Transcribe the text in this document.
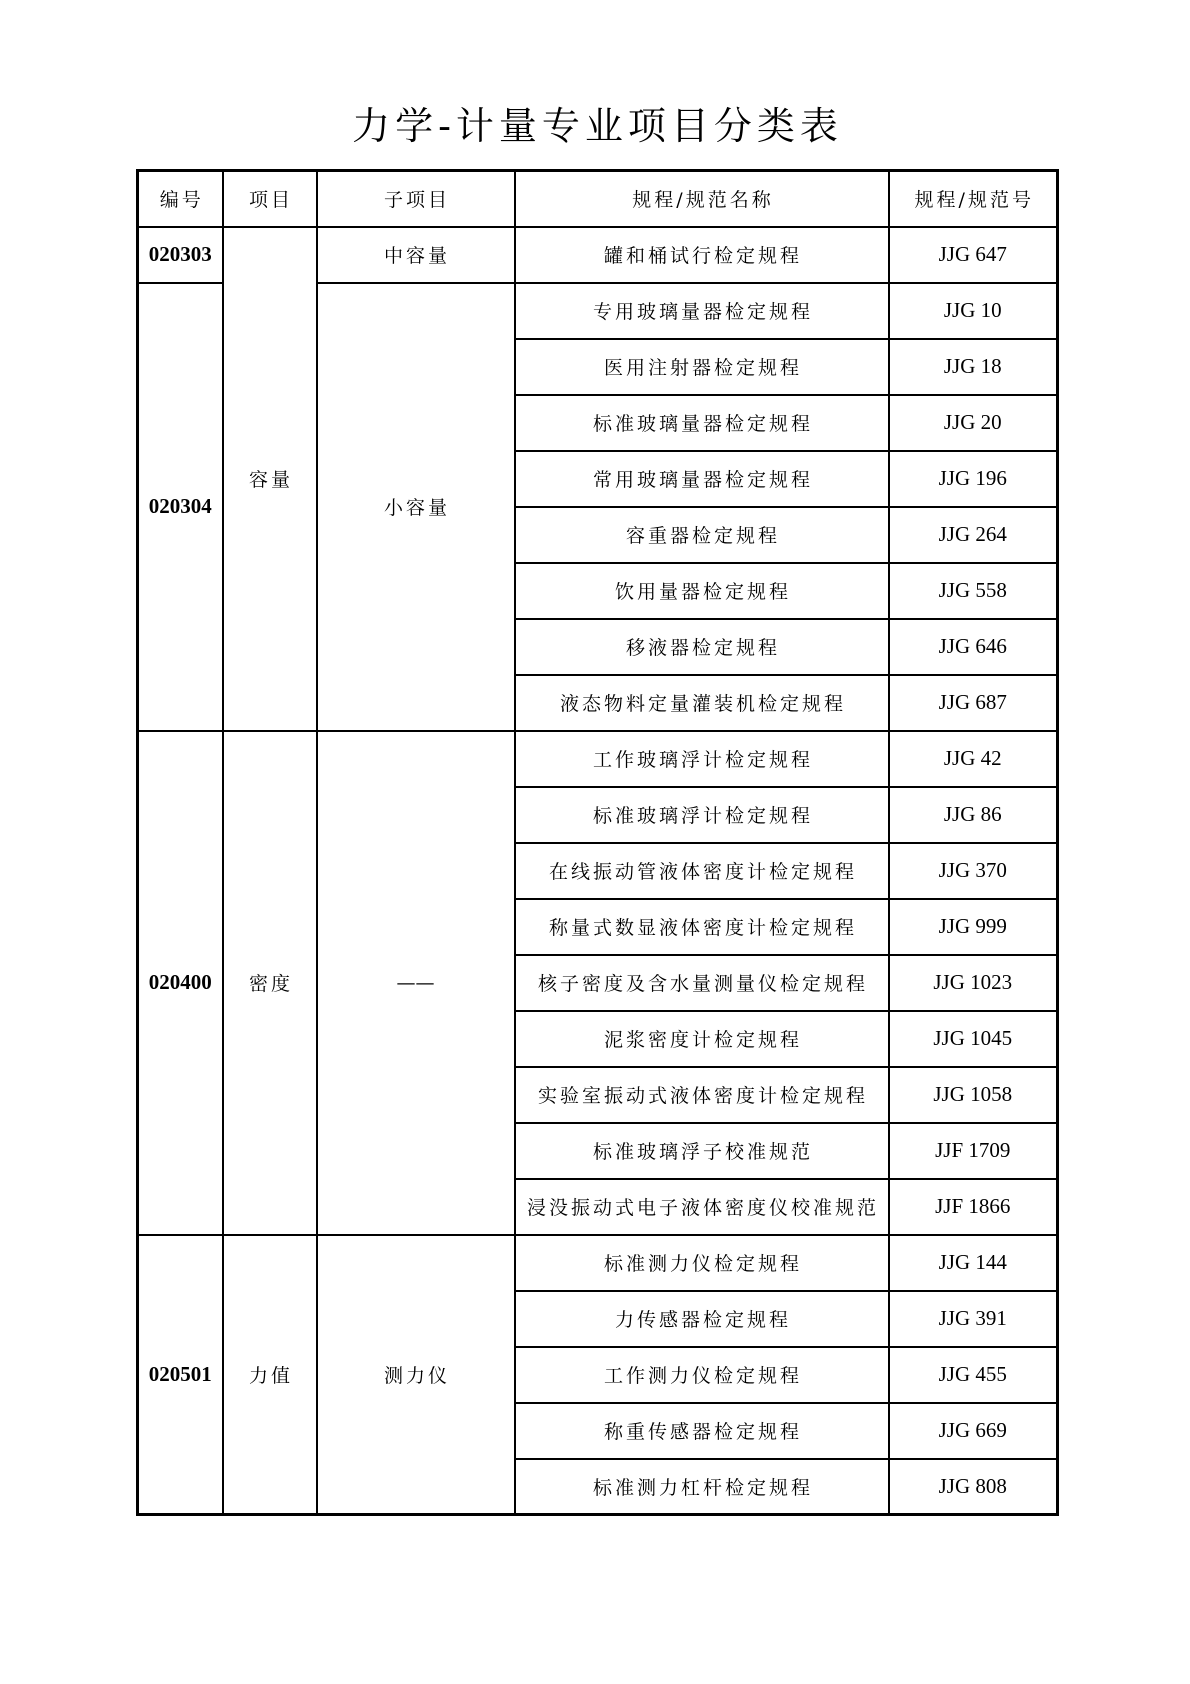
力学-计量专业项目分类表
编号	项目	子项目	规程/规范名称	规程/规范号
020303	容量	中容量	罐和桶试行检定规程	JJG 647
020304		小容量	专用玻璃量器检定规程	JJG 10
			医用注射器检定规程	JJG 18
			标准玻璃量器检定规程	JJG 20
			常用玻璃量器检定规程	JJG 196
			容重器检定规程	JJG 264
			饮用量器检定规程	JJG 558
			移液器检定规程	JJG 646
			液态物料定量灌装机检定规程	JJG 687
020400	密度	——	工作玻璃浮计检定规程	JJG 42
			标准玻璃浮计检定规程	JJG 86
			在线振动管液体密度计检定规程	JJG 370
			称量式数显液体密度计检定规程	JJG 999
			核子密度及含水量测量仪检定规程	JJG 1023
			泥浆密度计检定规程	JJG 1045
			实验室振动式液体密度计检定规程	JJG 1058
			标准玻璃浮子校准规范	JJF 1709
			浸没振动式电子液体密度仪校准规范	JJF 1866
020501	力值	测力仪	标准测力仪检定规程	JJG 144
			力传感器检定规程	JJG 391
			工作测力仪检定规程	JJG 455
			称重传感器检定规程	JJG 669
			标准测力杠杆检定规程	JJG 808
